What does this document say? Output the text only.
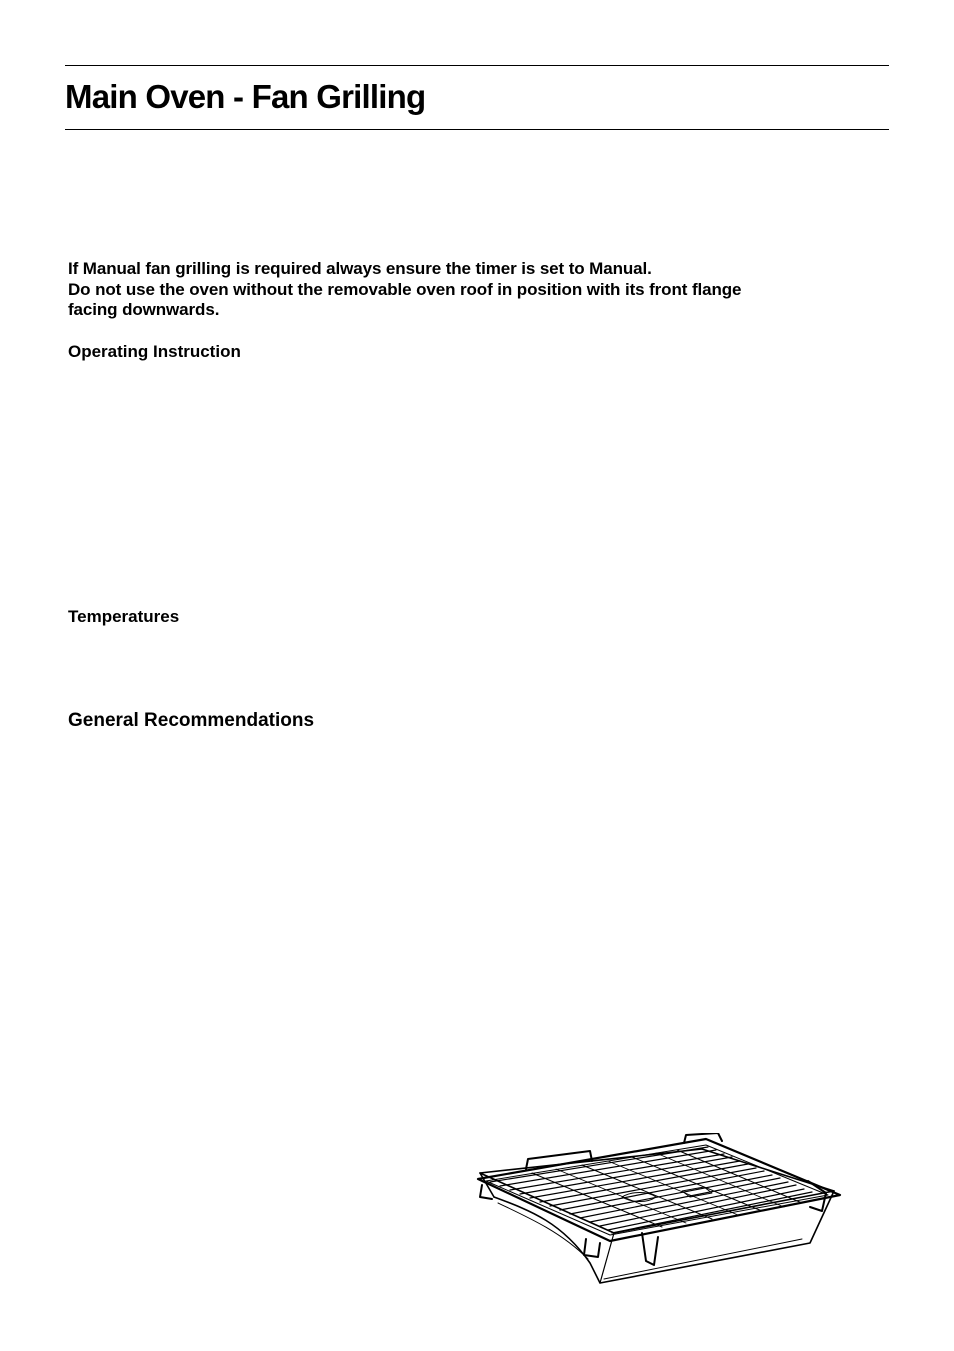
Main Oven - Fan Grilling
If Manual fan grilling is required always ensure the timer is set to Manual.
Do not use the oven without the removable oven roof in position with its front flange
facing downwards.
Operating Instruction
Temperatures
General Recommendations
